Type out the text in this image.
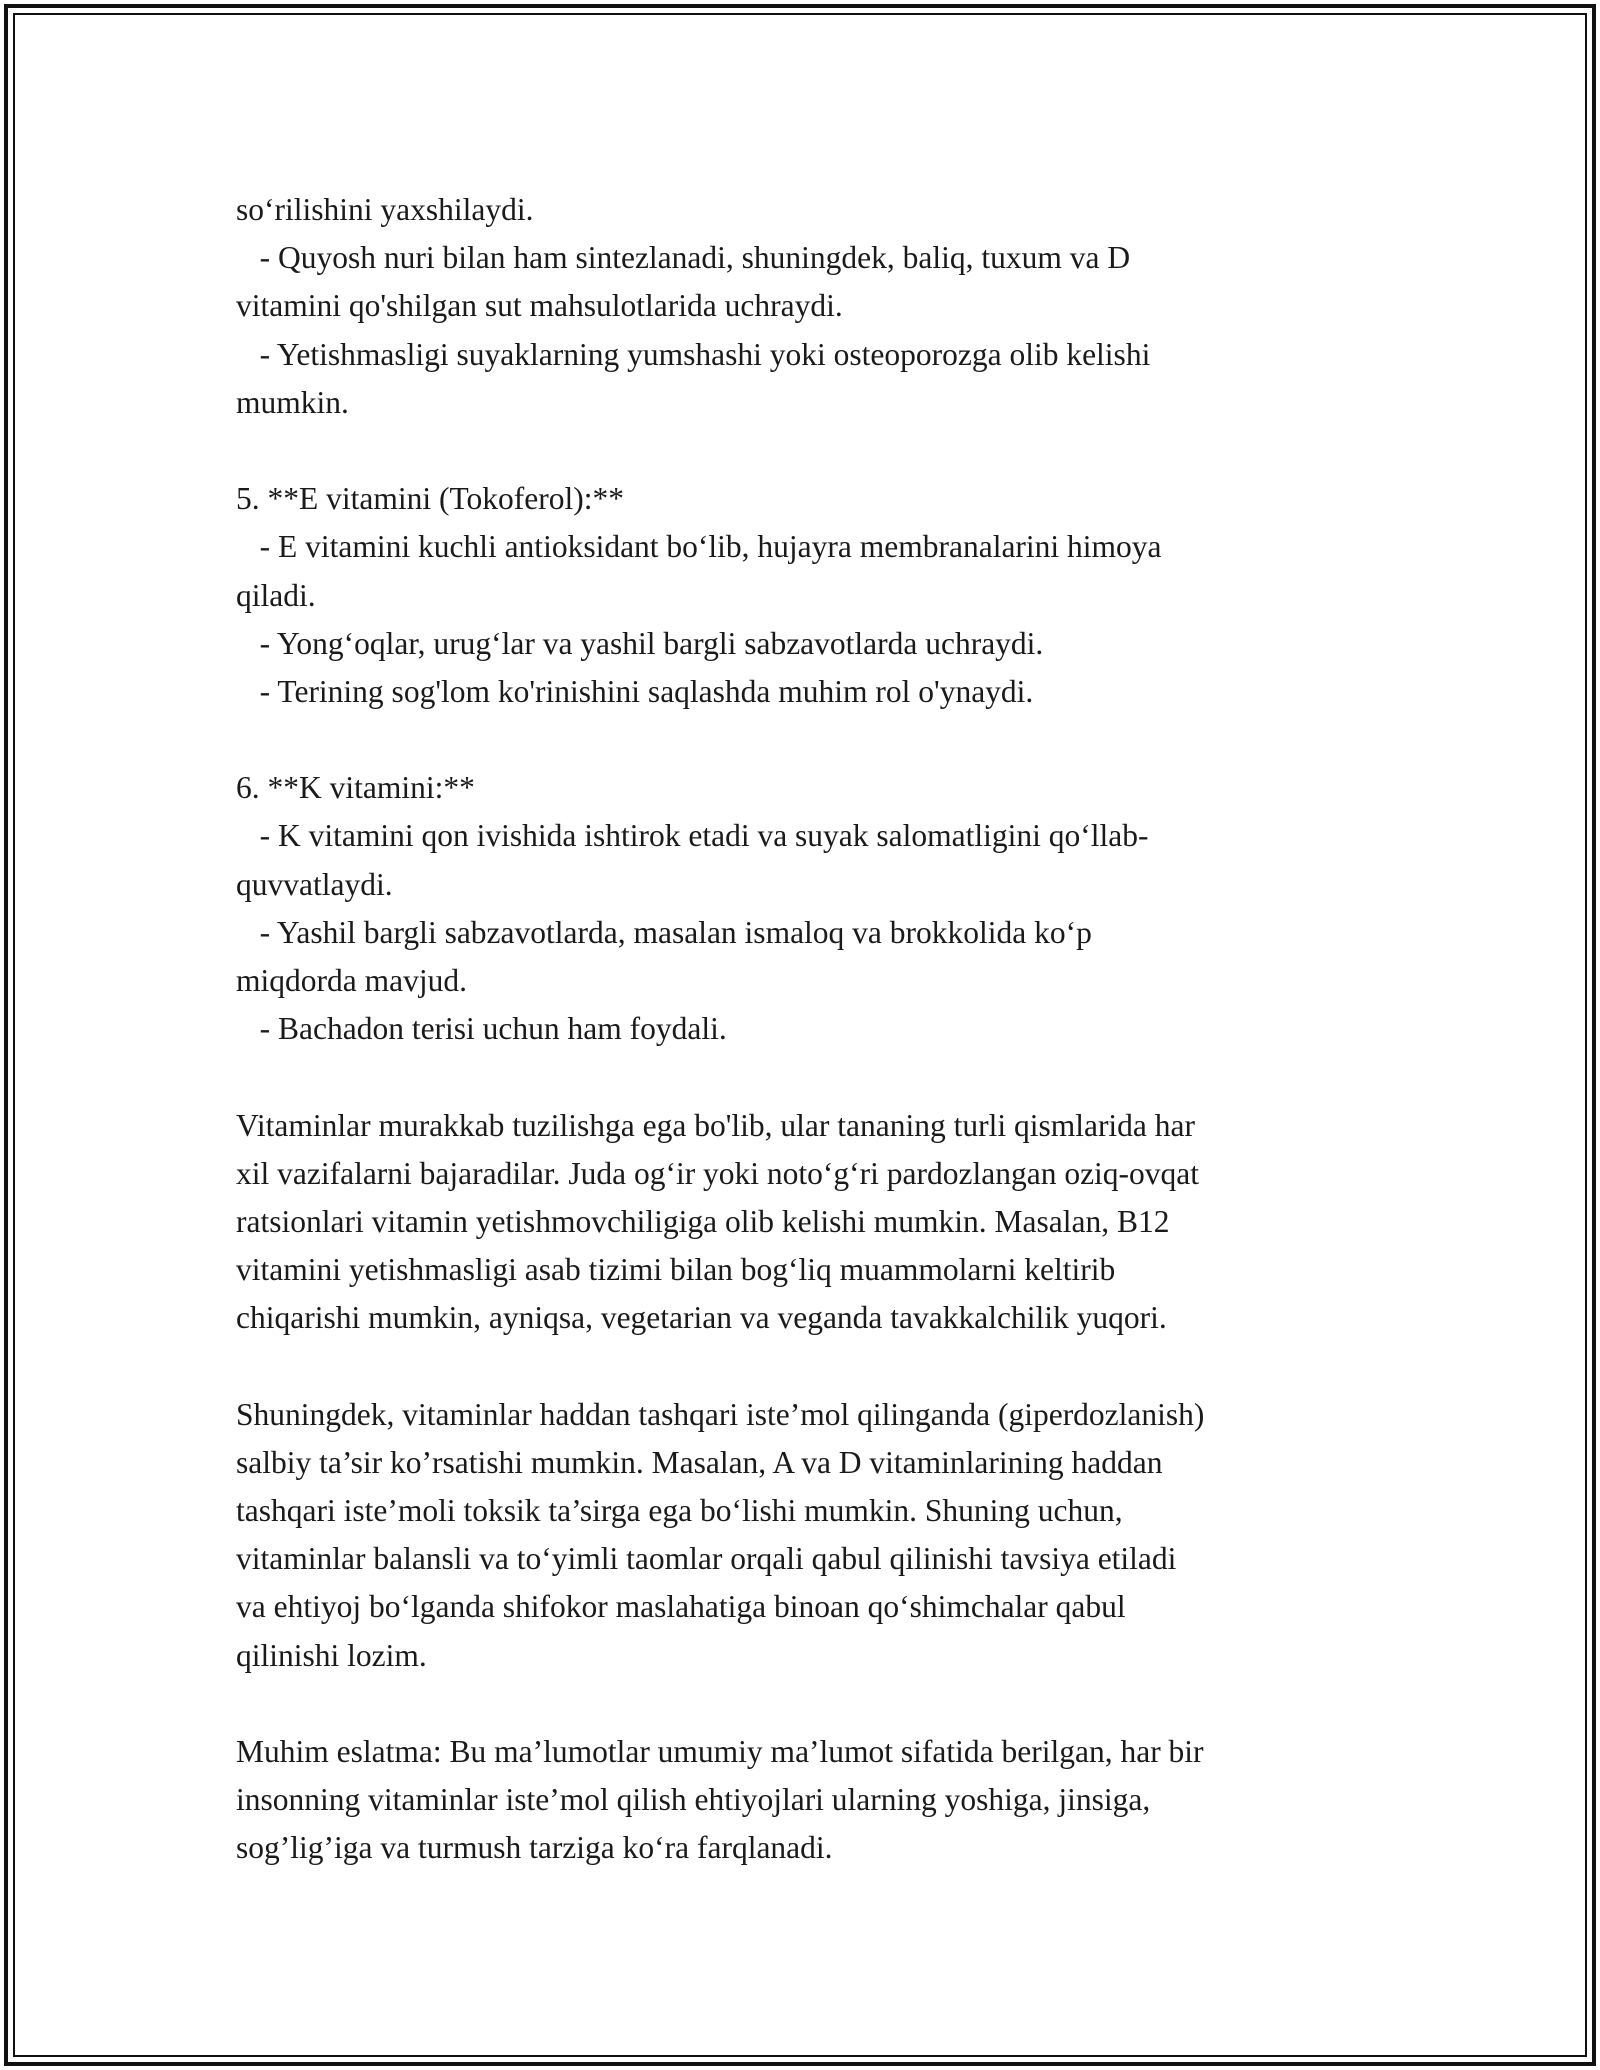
so‘rilishini yaxshilaydi.
- Quyosh nuri bilan ham sintezlanadi, shuningdek, baliq, tuxum va D
vitamini qo'shilgan sut mahsulotlarida uchraydi.
- Yetishmasligi suyaklarning yumshashi yoki osteoporozga olib kelishi
mumkin.
5. **E vitamini (Tokoferol):**
- E vitamini kuchli antioksidant bo‘lib, hujayra membranalarini himoya
qiladi.
- Yong‘oqlar, urug‘lar va yashil bargli sabzavotlarda uchraydi.
- Terining sog'lom ko'rinishini saqlashda muhim rol o'ynaydi.
6. **K vitamini:**
- K vitamini qon ivishida ishtirok etadi va suyak salomatligini qo‘llab-
quvvatlaydi.
- Yashil bargli sabzavotlarda, masalan ismaloq va brokkolida ko‘p
miqdorda mavjud.
- Bachadon terisi uchun ham foydali.
Vitaminlar murakkab tuzilishga ega bo'lib, ular tananing turli qismlarida har
xil vazifalarni bajaradilar. Juda og‘ir yoki noto‘g‘ri pardozlangan oziq-ovqat
ratsionlari vitamin yetishmovchiligiga olib kelishi mumkin. Masalan, B12
vitamini yetishmasligi asab tizimi bilan bog‘liq muammolarni keltirib
chiqarishi mumkin, ayniqsa, vegetarian va veganda tavakkalchilik yuqori.
Shuningdek, vitaminlar haddan tashqari iste’mol qilinganda (giperdozlanish)
salbiy ta’sir ko’rsatishi mumkin. Masalan, A va D vitaminlarining haddan
tashqari iste’moli toksik ta’sirga ega bo‘lishi mumkin. Shuning uchun,
vitaminlar balansli va to‘yimli taomlar orqali qabul qilinishi tavsiya etiladi
va ehtiyoj bo‘lganda shifokor maslahatiga binoan qo‘shimchalar qabul
qilinishi lozim.
Muhim eslatma: Bu ma’lumotlar umumiy ma’lumot sifatida berilgan, har bir
insonning vitaminlar iste’mol qilish ehtiyojlari ularning yoshiga, jinsiga,
sog’lig’iga va turmush tarziga ko‘ra farqlanadi.
